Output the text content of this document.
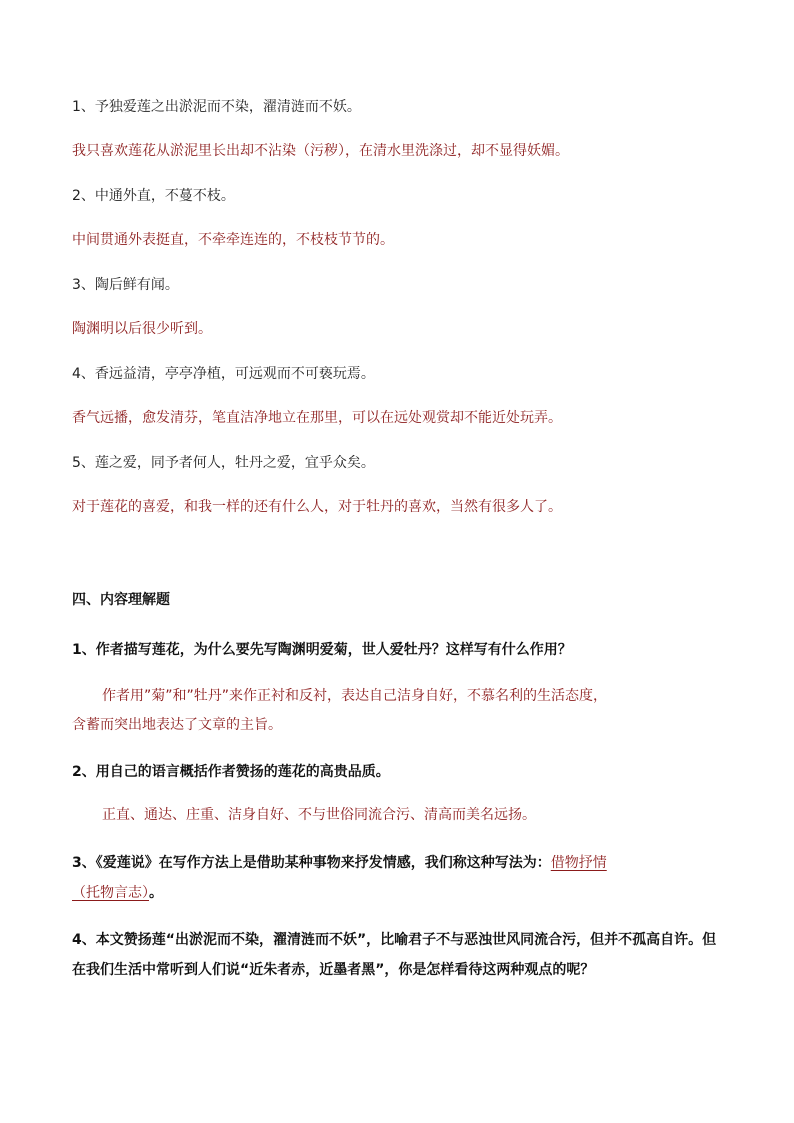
1、予独爱莲之出淤泥而不染，濯清涟而不妖。

我只喜欢莲花从淤泥里长出却不沾染（污秽），在清水里洗涤过，却不显得妖媚。

2、中通外直，不蔓不枝。

中间贯通外表挺直，不牵牵连连的，不枝枝节节的。

3、陶后鲜有闻。

陶渊明以后很少听到。

4、香远益清，亭亭净植，可远观而不可亵玩焉。

香气远播，愈发清芬，笔直洁净地立在那里，可以在远处观赏却不能近处玩弄。

5、莲之爱，同予者何人，牡丹之爱，宜乎众矣。

对于莲花的喜爱，和我一样的还有什么人，对于牡丹的喜欢，当然有很多人了。

四、内容理解题

1、作者描写莲花，为什么要先写陶渊明爱菊，世人爱牡丹？这样写有什么作用？

作者用”菊”和”牡丹”来作正衬和反衬，表达自己洁身自好，不慕名利的生活态度，

含蓄而突出地表达了文章的主旨。

2、用自己的语言概括作者赞扬的莲花的高贵品质。

正直、通达、庄重、洁身自好、不与世俗同流合污、清高而美名远扬。

3、《爱莲说》在写作方法上是借助某种事物来抒发情感，我们称这种写法为：借物抒情
（托物言志）。

4、本文赞扬莲“出淤泥而不染，濯清涟而不妖”，比喻君子不与恶浊世风同流合污，但并不孤高自许。但在我们生活中常听到人们说“近朱者赤，近墨者黑”，你是怎样看待这两种观点的呢？
